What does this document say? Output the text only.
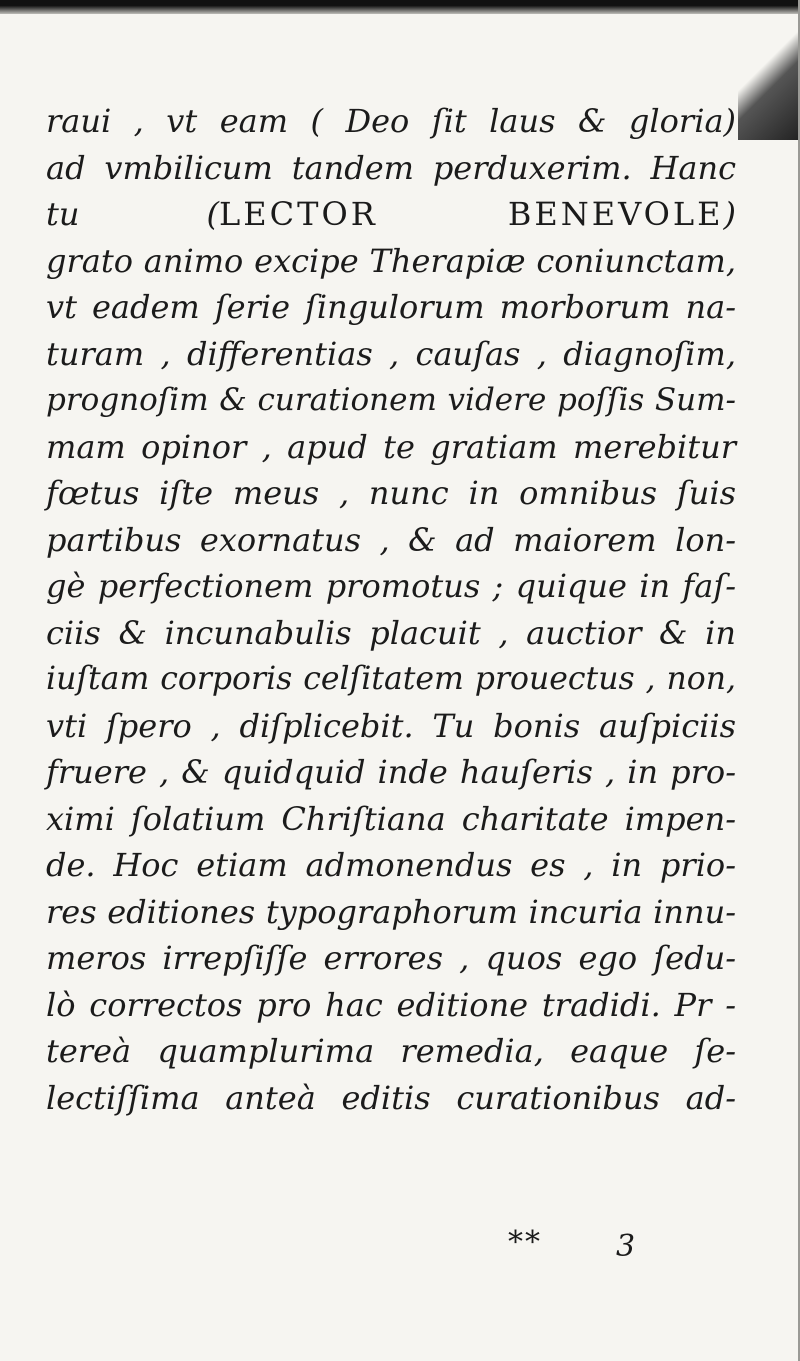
raui , vt eam ( Deo ſit laus & gloria)
ad vmbilicum tandem perduxerim. Hanc
tu (LECTOR BENEVOLE)
grato animo excipe Therapiæ coniunctam,
vt eadem ſerie ſingulorum morborum na-
turam , differentias , cauſas , diagnoſim,
prognoſim & curationem videre poſſis Sum-
mam opinor , apud te gratiam merebitur
fœtus iſte meus , nunc in omnibus ſuis
partibus exornatus , & ad maiorem lon-
gè perfectionem promotus ; quique in faſ-
ciis & incunabulis placuit , auctior & in
iuſtam corporis celſitatem prouectus , non,
vti ſpero , diſplicebit. Tu bonis auſpiciis
fruere , & quidquid inde hauſeris , in pro-
ximi ſolatium Chriſtiana charitate impen-
de. Hoc etiam admonendus es , in prio-
res editiones typographorum incuria innu-
meros irrepſiſſe errores , quos ego ſedu-
lò correctos pro hac editione tradidi. Pr -
tereà quamplurima remedia, eaque ſe-
lectiſſima anteà editis curationibus ad-
** 3
